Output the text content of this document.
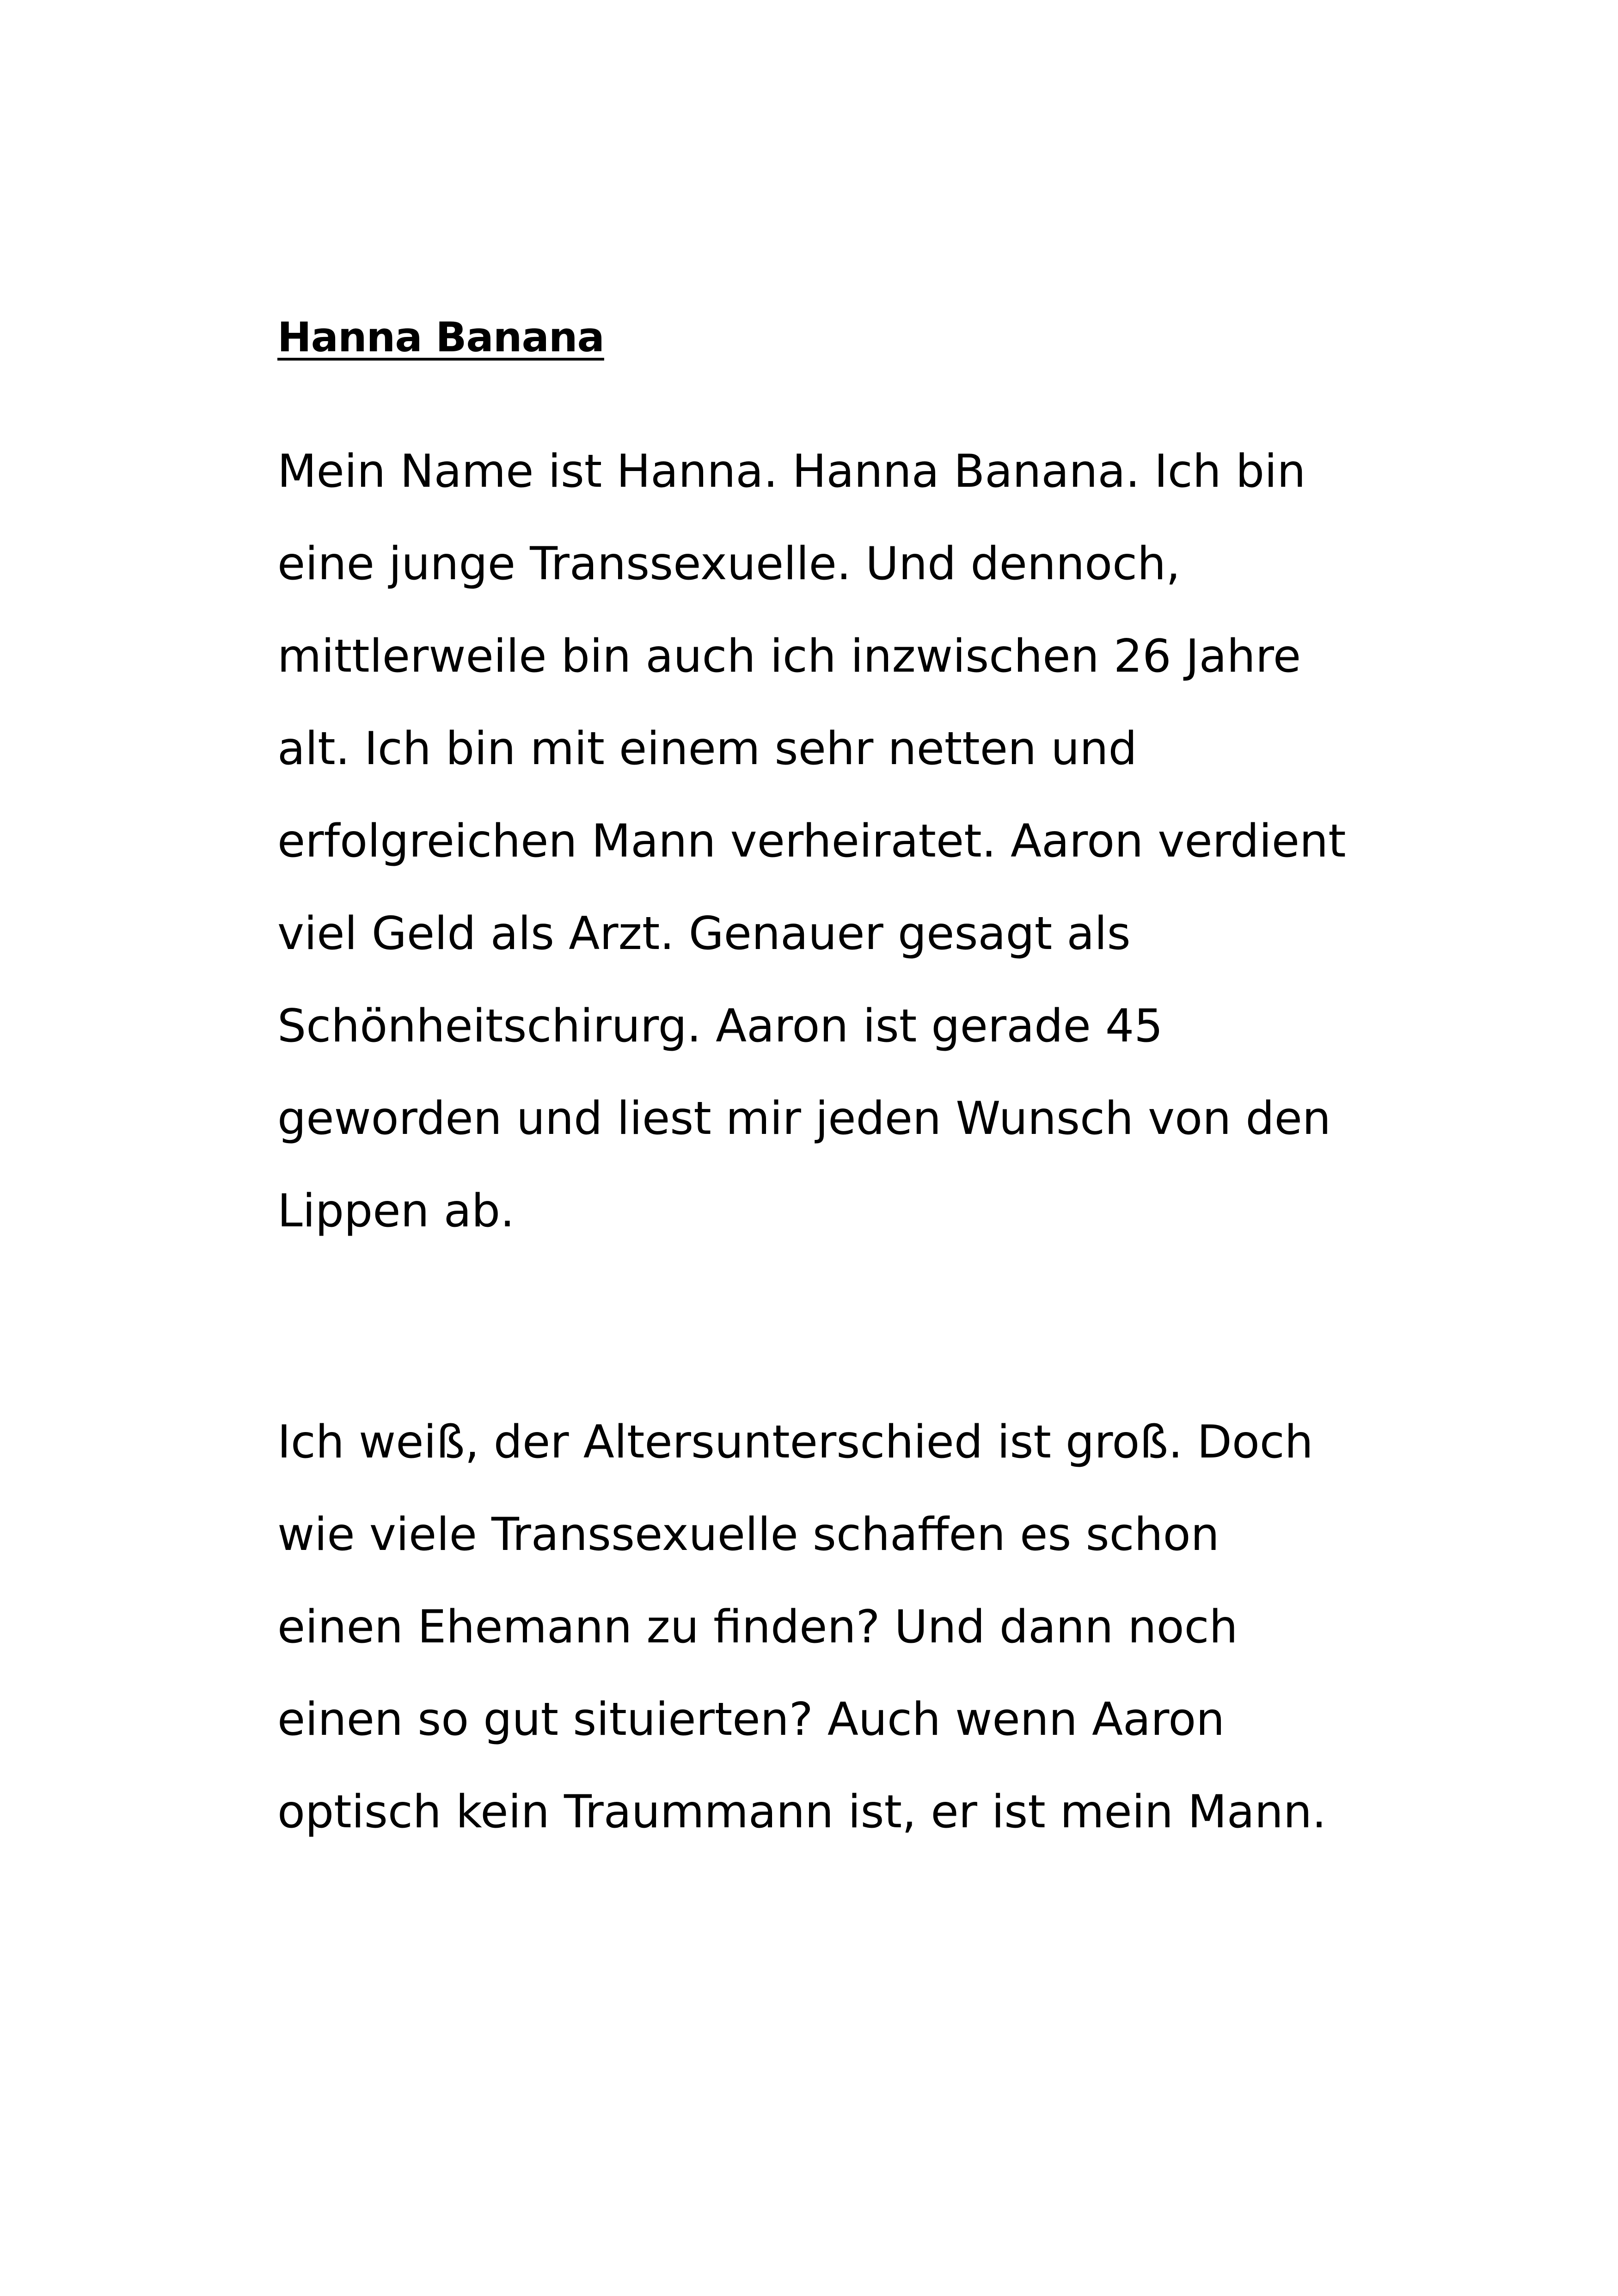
Hanna Banana

Mein Name ist Hanna. Hanna Banana. Ich bin
eine junge Transsexuelle. Und dennoch,
mittlerweile bin auch ich inzwischen 26 Jahre
alt. Ich bin mit einem sehr netten und
erfolgreichen Mann verheiratet. Aaron verdient
viel Geld als Arzt. Genauer gesagt als
Schönheitschirurg. Aaron ist gerade 45
geworden und liest mir jeden Wunsch von den
Lippen ab.

Ich weiß, der Altersunterschied ist groß. Doch
wie viele Transsexuelle schaffen es schon
einen Ehemann zu finden? Und dann noch
einen so gut situierten? Auch wenn Aaron
optisch kein Traummann ist, er ist mein Mann.
